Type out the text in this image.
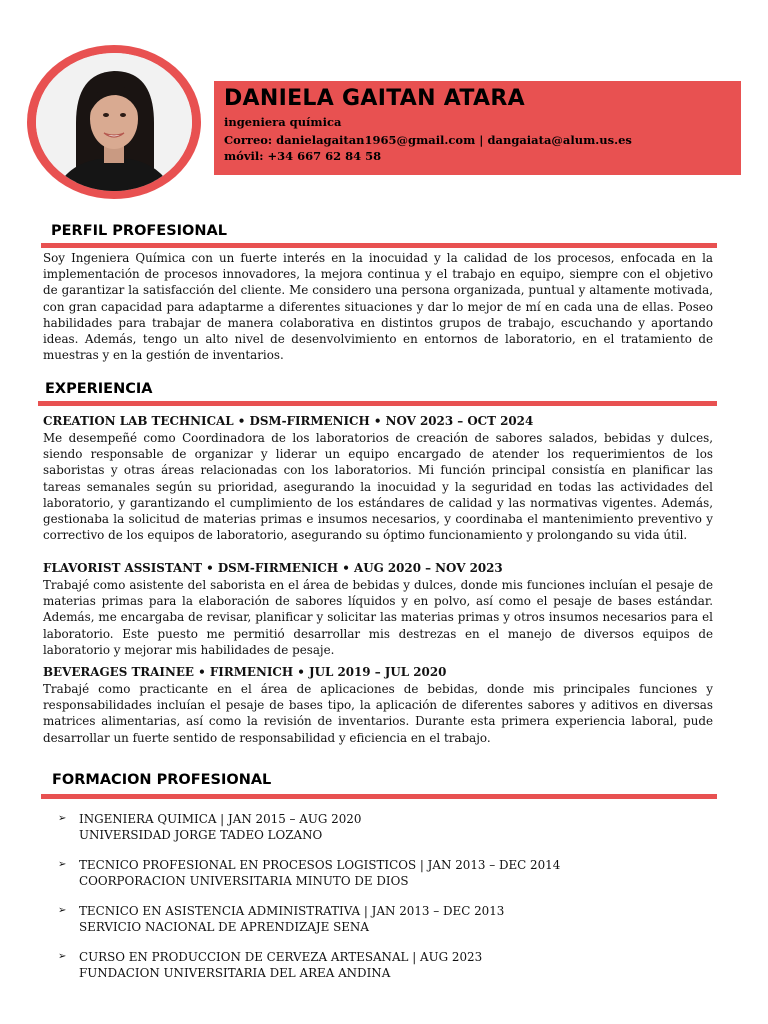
DANIELA GAITAN ATARA
ingeniera química
Correo: danielagaitan1965@gmail.com | dangaiata@alum.us.es
móvil: +34 667 62 84 58
PERFIL PROFESIONAL

Soy Ingeniera Química con un fuerte interés en la inocuidad y la calidad de los procesos, enfocada en la implementación de procesos innovadores, la mejora continua y el trabajo en equipo, siempre con el objetivo de garantizar la satisfacción del cliente. Me considero una persona organizada, puntual y altamente motivada, con gran capacidad para adaptarme a diferentes situaciones y dar lo mejor de mí en cada una de ellas. Poseo habilidades para trabajar de manera colaborativa en distintos grupos de trabajo, escuchando y aportando ideas. Además, tengo un alto nivel de desenvolvimiento en entornos de laboratorio, en el tratamiento de muestras y en la gestión de inventarios.

EXPERIENCIA
CREATION LAB TECHNICAL • DSM-FIRMENICH • NOV 2023 – OCT 2024

Me desempeñé como Coordinadora de los laboratorios de creación de sabores salados, bebidas y dulces, siendo responsable de organizar y liderar un equipo encargado de atender los requerimientos de los saboristas y otras áreas relacionadas con los laboratorios. Mi función principal consistía en planificar las tareas semanales según su prioridad, asegurando la inocuidad y la seguridad en todas las actividades del laboratorio, y garantizando el cumplimiento de los estándares de calidad y las normativas vigentes. Además, gestionaba la solicitud de materias primas e insumos necesarios, y coordinaba el mantenimiento preventivo y correctivo de los equipos de laboratorio, asegurando su óptimo funcionamiento y prolongando su vida útil.

FLAVORIST ASSISTANT • DSM-FIRMENICH • AUG 2020 – NOV 2023

Trabajé como asistente del saborista en el área de bebidas y dulces, donde mis funciones incluían el pesaje de materias primas para la elaboración de sabores líquidos y en polvo, así como el pesaje de bases estándar. Además, me encargaba de revisar, planificar y solicitar las materias primas y otros insumos necesarios para el laboratorio. Este puesto me permitió desarrollar mis destrezas en el manejo de diversos equipos de laboratorio y mejorar mis habilidades de pesaje.

BEVERAGES TRAINEE • FIRMENICH • JUL 2019 – JUL 2020

Trabajé como practicante en el área de aplicaciones de bebidas, donde mis principales funciones y responsabilidades incluían el pesaje de bases tipo, la aplicación de diferentes sabores y aditivos en diversas matrices alimentarias, así como la revisión de inventarios. Durante esta primera experiencia laboral, pude desarrollar un fuerte sentido de responsabilidad y eficiencia en el trabajo.

FORMACION PROFESIONAL
➢ INGENIERA QUIMICA | JAN 2015 – AUG 2020
UNIVERSIDAD JORGE TADEO LOZANO
➢ TECNICO PROFESIONAL EN PROCESOS LOGISTICOS | JAN 2013 – DEC 2014
COORPORACION UNIVERSITARIA MINUTO DE DIOS
➢ TECNICO EN ASISTENCIA ADMINISTRATIVA | JAN 2013 – DEC 2013
SERVICIO NACIONAL DE APRENDIZAJE SENA
➢ CURSO EN PRODUCCION DE CERVEZA ARTESANAL | AUG 2023
FUNDACION UNIVERSITARIA DEL AREA ANDINA
